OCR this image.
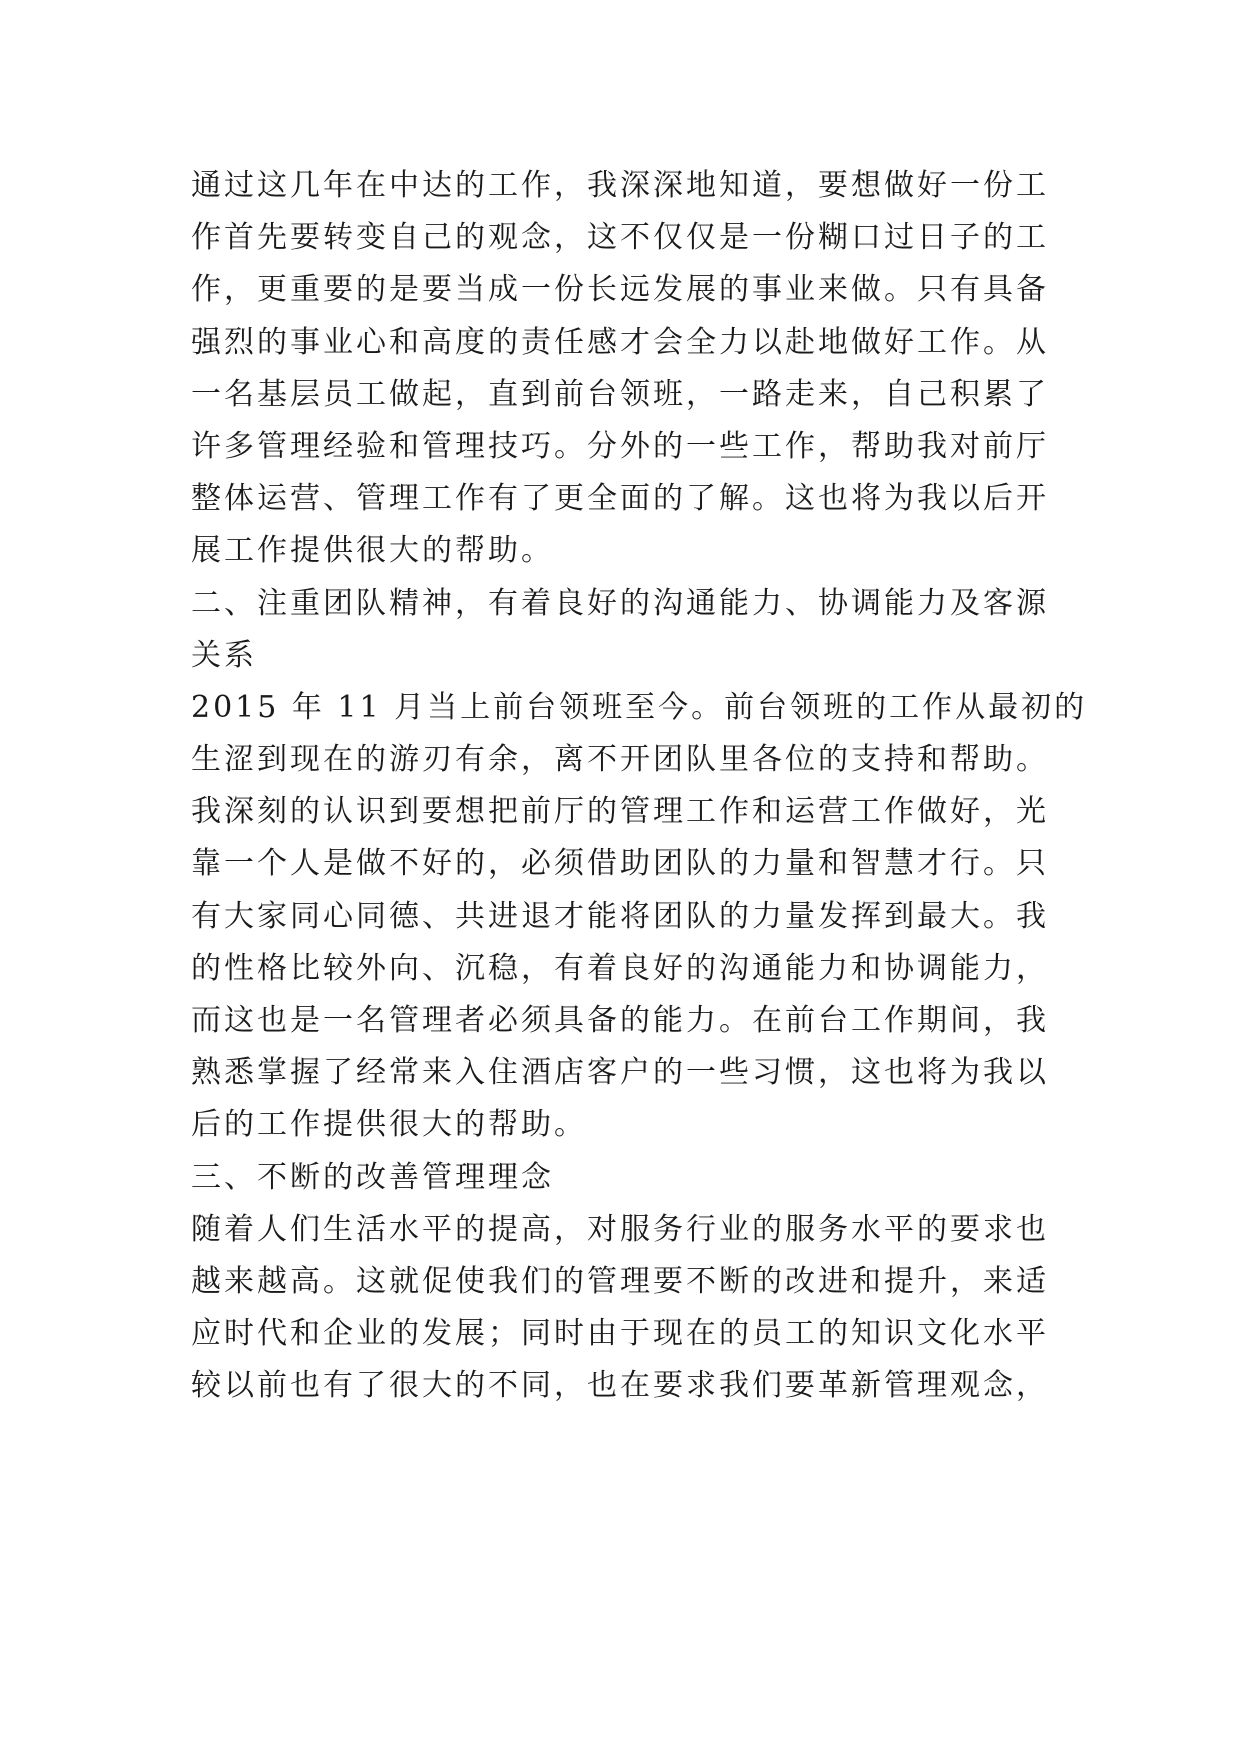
通过这几年在中达的工作，我深深地知道，要想做好一份工
作首先要转变自己的观念，这不仅仅是一份糊口过日子的工
作，更重要的是要当成一份长远发展的事业来做。只有具备
强烈的事业心和高度的责任感才会全力以赴地做好工作。从
一名基层员工做起，直到前台领班，一路走来，自己积累了
许多管理经验和管理技巧。分外的一些工作，帮助我对前厅
整体运营、管理工作有了更全面的了解。这也将为我以后开
展工作提供很大的帮助。
二、注重团队精神，有着良好的沟通能力、协调能力及客源
关系
2015 年 11 月当上前台领班至今。前台领班的工作从最初的
生涩到现在的游刃有余，离不开团队里各位的支持和帮助。
我深刻的认识到要想把前厅的管理工作和运营工作做好，光
靠一个人是做不好的，必须借助团队的力量和智慧才行。只
有大家同心同德、共进退才能将团队的力量发挥到最大。我
的性格比较外向、沉稳，有着良好的沟通能力和协调能力，
而这也是一名管理者必须具备的能力。在前台工作期间，我
熟悉掌握了经常来入住酒店客户的一些习惯，这也将为我以
后的工作提供很大的帮助。
三、不断的改善管理理念
随着人们生活水平的提高，对服务行业的服务水平的要求也
越来越高。这就促使我们的管理要不断的改进和提升，来适
应时代和企业的发展；同时由于现在的员工的知识文化水平
较以前也有了很大的不同，也在要求我们要革新管理观念，
